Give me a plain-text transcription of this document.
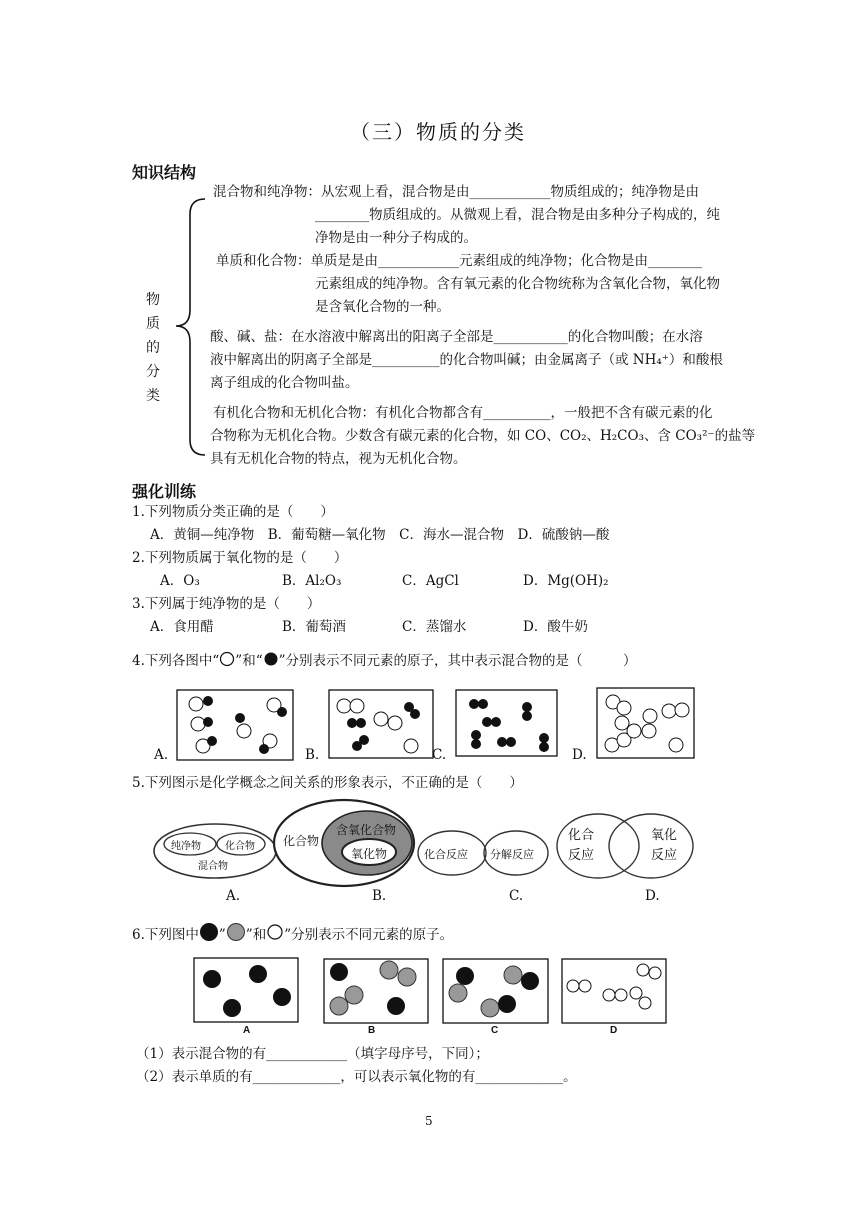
（三）物质的分类
知识结构
物
质
的
分
类
混合物和纯净物：从宏观上看，混合物是由____________物质组成的；纯净物是由
________物质组成的。从微观上看，混合物是由多种分子构成的，纯
净物是由一种分子构成的。
单质和化合物：单质是是由____________元素组成的纯净物；化合物是由________
元素组成的纯净物。含有氧元素的化合物统称为含氧化合物，氧化物
是含氧化合物的一种。
酸、碱、盐：在水溶液中解离出的阳离子全部是___________的化合物叫酸；在水溶
液中解离出的阴离子全部是__________的化合物叫碱；由金属离子（或 NH₄⁺）和酸根
离子组成的化合物叫盐。
有机化合物和无机化合物：有机化合物都含有__________，一般把不含有碳元素的化
合物称为无机化合物。少数含有碳元素的化合物，如 CO、CO₂、H₂CO₃、含 CO₃²⁻的盐等
具有无机化合物的特点，视为无机化合物。
强化训练
1.下列物质分类正确的是（　　）
A．黄铜—纯净物　B．葡萄糖—氧化物　C．海水—混合物　D．硫酸钠—酸
2.下列物质属于氧化物的是（　　）
A．O₃	B．Al₂O₃	C．AgCl	D．Mg(OH)₂
3.下列属于纯净物的是（　　）
A．食用醋	B．葡萄酒	C．蒸馏水	D．酸牛奶
4.下列各图中“ ”和“ ”分别表示不同元素的原子，其中表示混合物的是（　　　）
A.	B.	C.	D.
5.下列图示是化学概念之间关系的形象表示，不正确的是（　　）
纯净物 化合物
混合物
化合物
含氧化合物
氧化物	化合反应 分解反应
化合反应
氧化反应
A.	B.	C.	D.
6.下列图中 ” ”和 ”分别表示不同元素的原子。
A	B	C	D
（1）表示混合物的有____________（填字母序号，下同）；
（2）表示单质的有_____________，可以表示氧化物的有_____________。
5
